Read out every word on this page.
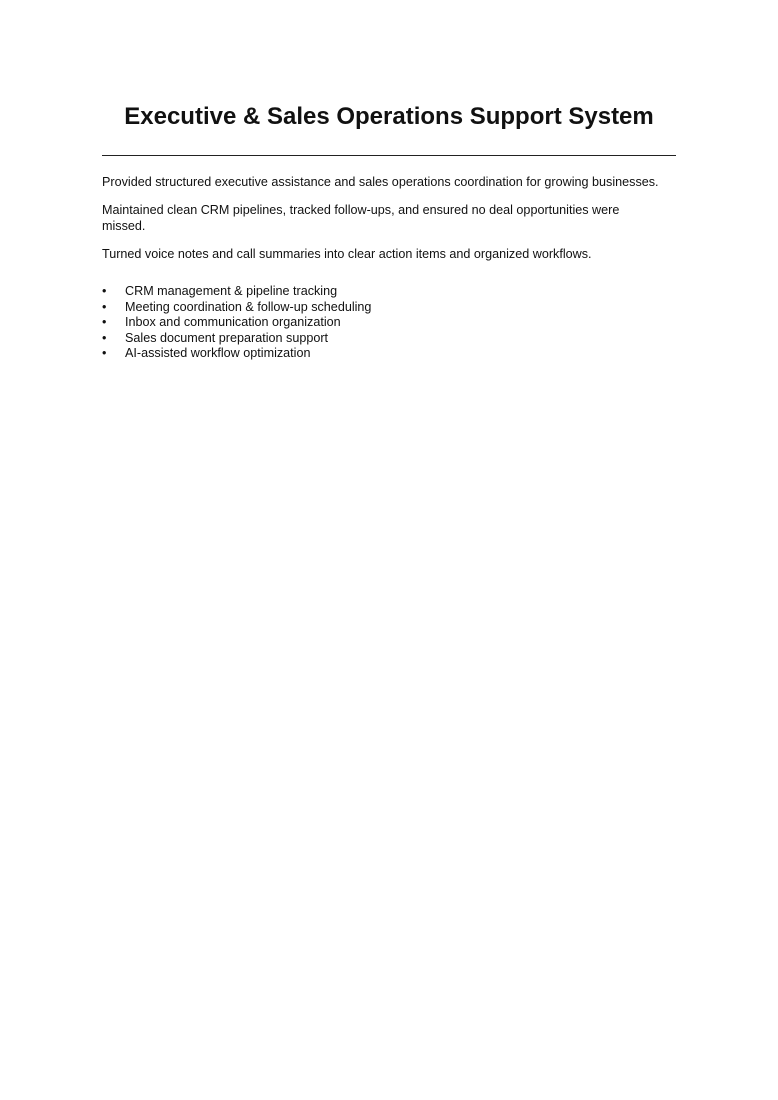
Executive & Sales Operations Support System

Provided structured executive assistance and sales operations coordination for growing businesses.

Maintained clean CRM pipelines, tracked follow-ups, and ensured no deal opportunities were missed.

Turned voice notes and call summaries into clear action items and organized workflows.

•	CRM management & pipeline tracking
•	Meeting coordination & follow-up scheduling
•	Inbox and communication organization
•	Sales document preparation support
•	AI-assisted workflow optimization
